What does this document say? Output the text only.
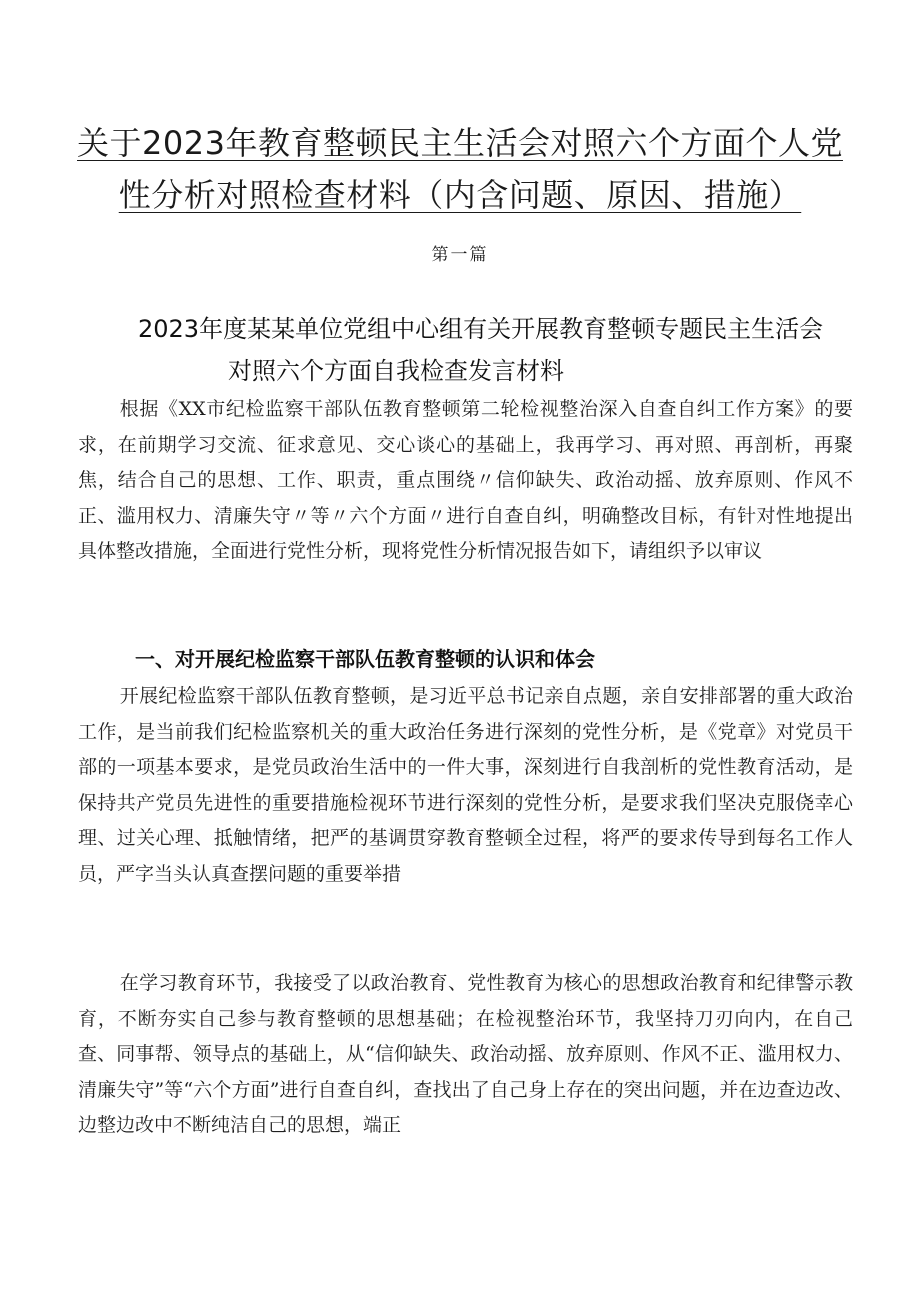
关于2023年教育整顿民主生活会对照六个方面个人党
性分析对照检查材料（内含问题、原因、措施）
第一篇
2023年度某某单位党组中心组有关开展教育整顿专题民主生活会
对照六个方面自我检查发言材料

根据《XX市纪检监察干部队伍教育整顿第二轮检视整治深入自查自纠工作方案》的要求，在前期学习交流、征求意见、交心谈心的基础上，我再学习、再对照、再剖析，再聚焦，结合自己的思想、工作、职责，重点围绕〃信仰缺失、政治动摇、放弃原则、作风不正、滥用权力、清廉失守〃等〃六个方面〃进行自查自纠，明确整改目标，有针对性地提出具体整改措施，全面进行党性分析，现将党性分析情况报告如下，请组织予以审议

一、对开展纪检监察干部队伍教育整顿的认识和体会

开展纪检监察干部队伍教育整顿，是习近平总书记亲自点题，亲自安排部署的重大政治工作，是当前我们纪检监察机关的重大政治任务进行深刻的党性分析，是《党章》对党员干部的一项基本要求，是党员政治生活中的一件大事，深刻进行自我剖析的党性教育活动，是保持共产党员先进性的重要措施检视环节进行深刻的党性分析，是要求我们坚决克服侥幸心理、过关心理、抵触情绪，把严的基调贯穿教育整顿全过程，将严的要求传导到每名工作人员，严字当头认真查摆问题的重要举措

在学习教育环节，我接受了以政治教育、党性教育为核心的思想政治教育和纪律警示教育，不断夯实自己参与教育整顿的思想基础；在检视整治环节，我坚持刀刃向内，在自己查、同事帮、领导点的基础上，从“信仰缺失、政治动摇、放弃原则、作风不正、滥用权力、清廉失守”等“六个方面”进行自查自纠，查找出了自己身上存在的突出问题，并在边查边改、边整边改中不断纯洁自己的思想，端正
